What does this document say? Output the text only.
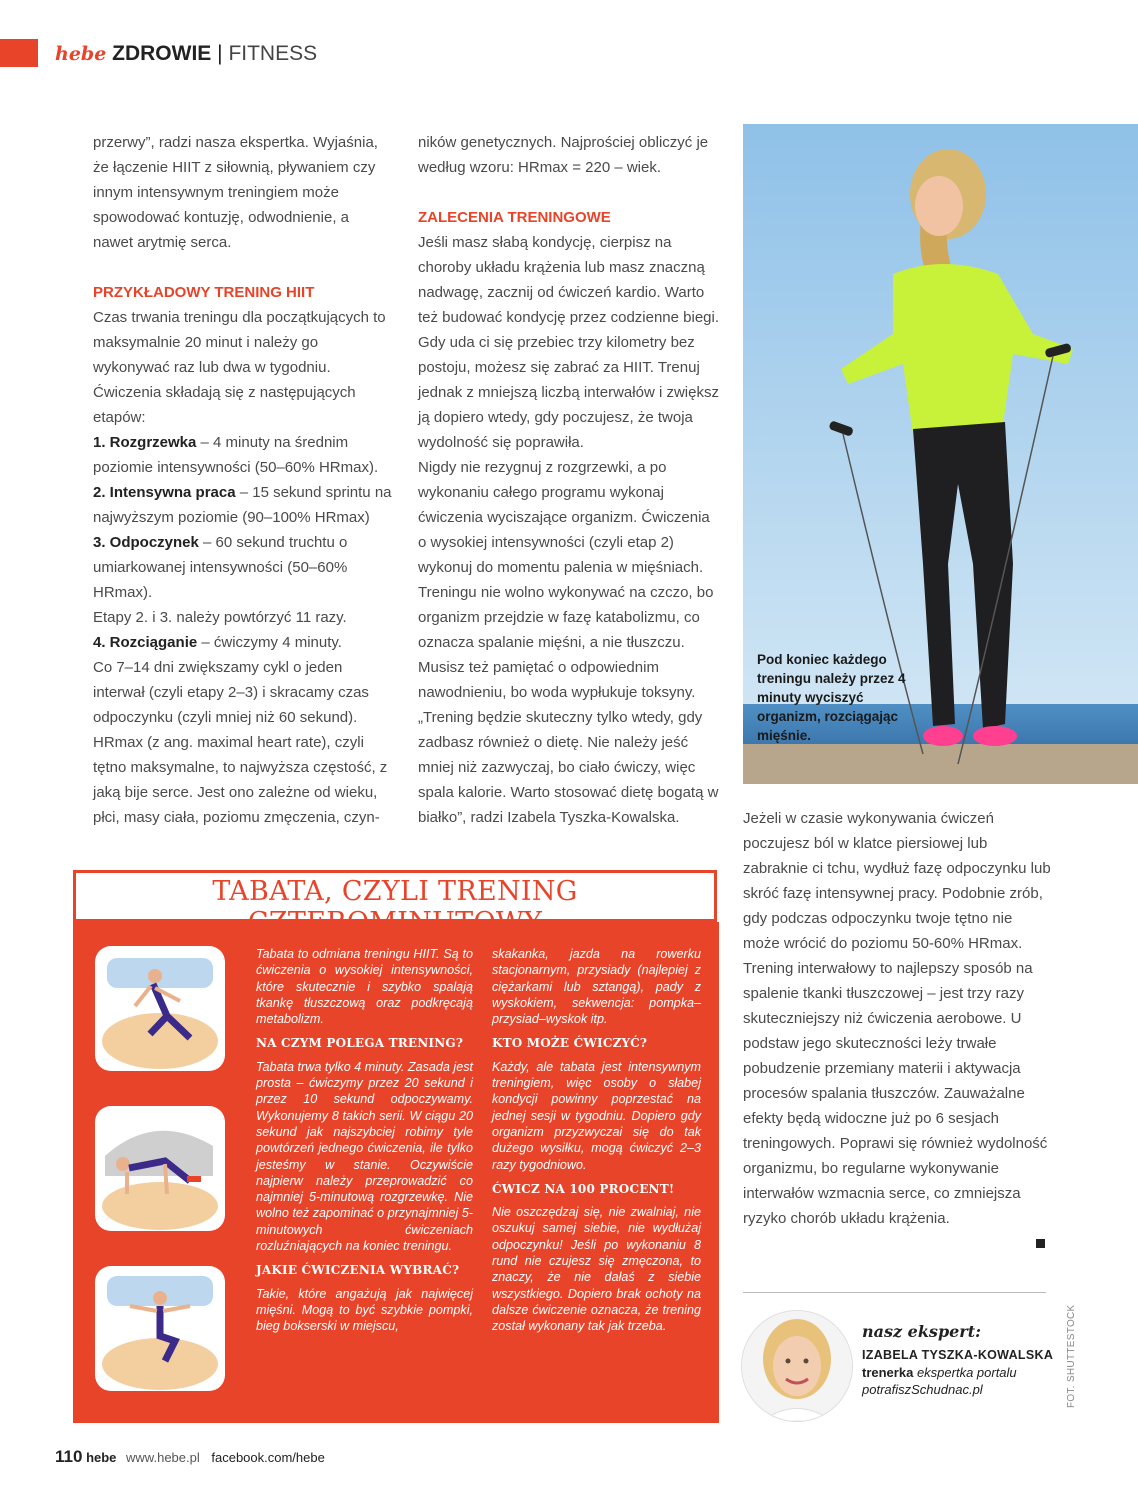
hebe ZDROWIE | FITNESS

przerwy”, radzi nasza ekspertka. Wyjaśnia, że łączenie HIIT z siłownią, pływaniem czy innym intensywnym treningiem może spowodować kontuzję, odwodnienie, a nawet arytmię serca.

PRZYKŁADOWY TRENING HIIT

Czas trwania treningu dla początkujących to maksymalnie 20 minut i należy go wykonywać raz lub dwa w tygodniu. Ćwiczenia składają się z następujących etapów:

1. Rozgrzewka – 4 minuty na średnim poziomie intensywności (50–60% HRmax).

2. Intensywna praca – 15 sekund sprintu na najwyższym poziomie (90–100% HRmax)

3. Odpoczynek – 60 sekund truchtu o umiarkowanej intensywności (50–60% HRmax).

Etapy 2. i 3. należy powtórzyć 11 razy.

4. Rozciąganie – ćwiczymy 4 minuty.

Co 7–14 dni zwiększamy cykl o jeden interwał (czyli etapy 2–3) i skracamy czas odpoczynku (czyli mniej niż 60 sekund).

HRmax (z ang. maximal heart rate), czyli tętno maksymalne, to najwyższa częstość, z jaką bije serce. Jest ono zależne od wieku, płci, masy ciała, poziomu zmęczenia, czyn-

ników genetycznych. Najprościej obliczyć je według wzoru: HRmax = 220 – wiek.

ZALECENIA TRENINGOWE

Jeśli masz słabą kondycję, cierpisz na choroby układu krążenia lub masz znaczną nadwagę, zacznij od ćwiczeń kardio. Warto też budować kondycję przez codzienne biegi. Gdy uda ci się przebiec trzy kilometry bez postoju, możesz się zabrać za HIIT. Trenuj jednak z mniejszą liczbą interwałów i zwiększ ją dopiero wtedy, gdy poczujesz, że twoja wydolność się poprawiła.

Nigdy nie rezygnuj z rozgrzewki, a po wykonaniu całego programu wykonaj ćwiczenia wyciszające organizm. Ćwiczenia o wysokiej intensywności (czyli etap 2) wykonuj do momentu palenia w mięśniach. Treningu nie wolno wykonywać na czczo, bo organizm przejdzie w fazę katabolizmu, co oznacza spalanie mięśni, a nie tłuszczu. Musisz też pamiętać o odpowiednim nawodnieniu, bo woda wypłukuje toksyny.

„Trening będzie skuteczny tylko wtedy, gdy zadbasz również o dietę. Nie należy jeść mniej niż zazwyczaj, bo ciało ćwiczy, więc spala kalorie. Warto stosować dietę bogatą w białko”, radzi Izabela Tyszka-Kowalska.

Pod koniec każdego treningu należy przez 4 minuty wyciszyć organizm, rozciągając mięśnie.

Jeżeli w czasie wykonywania ćwiczeń poczujesz ból w klatce piersiowej lub zabraknie ci tchu, wydłuż fazę odpoczynku lub skróć fazę intensywnej pracy. Podobnie zrób, gdy podczas odpoczynku twoje tętno nie może wrócić do poziomu 50-60% HRmax.

Trening interwałowy to najlepszy sposób na spalenie tkanki tłuszczowej – jest trzy razy skuteczniejszy niż ćwiczenia aerobowe. U podstaw jego skuteczności leży trwałe pobudzenie przemiany materii i aktywacja procesów spalania tłuszczów. Zauważalne efekty będą widoczne już po 6 sesjach treningowych. Poprawi się również wydolność organizmu, bo regularne wykonywanie interwałów wzmacnia serce, co zmniejsza ryzyko chorób układu krążenia.

TABATA, CZYLI TRENING

Tabata to odmiana treningu HIIT. Są to ćwiczenia o wysokiej intensywności, które skutecznie i szybko spalają tkankę tłuszczową oraz podkręcają metabolizm.

NA CZYM POLEGA TRENING?

Tabata trwa tylko 4 minuty. Zasada jest prosta – ćwiczymy przez 20 sekund i przez 10 sekund odpoczywamy. Wykonujemy 8 takich serii. W ciągu 20 sekund jak najszybciej robimy tyle powtórzeń jednego ćwiczenia, ile tylko jesteśmy w stanie. Oczywiście najpierw należy przeprowadzić co najmniej 5-minutową rozgrzewkę. Nie wolno też zapominać o przynajmniej 5-minutowych ćwiczeniach rozluźniających na koniec treningu.

JAKIE ĆWICZENIA WYBRAĆ?

Takie, które angażują jak najwięcej mięśni. Mogą to być szybkie pompki, bieg bokserski w miejscu,

skakanka, jazda na rowerku stacjonarnym, przysiady (najlepiej z ciężarkami lub sztangą), pady z wyskokiem, sekwencja: pompka–przysiad–wyskok itp.

KTO MOŻE ĆWICZYĆ?

Każdy, ale tabata jest intensywnym treningiem, więc osoby o słabej kondycji powinny poprzestać na jednej sesji w tygodniu. Dopiero gdy organizm przyzwyczai się do tak dużego wysiłku, mogą ćwiczyć 2–3 razy tygodniowo.

ĆWICZ NA 100 PROCENT!

Nie oszczędzaj się, nie zwalniaj, nie oszukuj samej siebie, nie wydłużaj odpoczynku! Jeśli po wykonaniu 8 rund nie czujesz się zmęczona, to znaczy, że nie dałaś z siebie wszystkiego. Dopiero brak ochoty na dalsze ćwiczenie oznacza, że trening został wykonany tak jak trzeba.	nasz ekspert:
IZABELA TYSZKA-KOWALSKA
trenerka ekspertka portalu potrafiszSchudnac.pl	FOT. SHUTTESTOCK
110 hebe www.hebe.pl facebook.com/hebe
